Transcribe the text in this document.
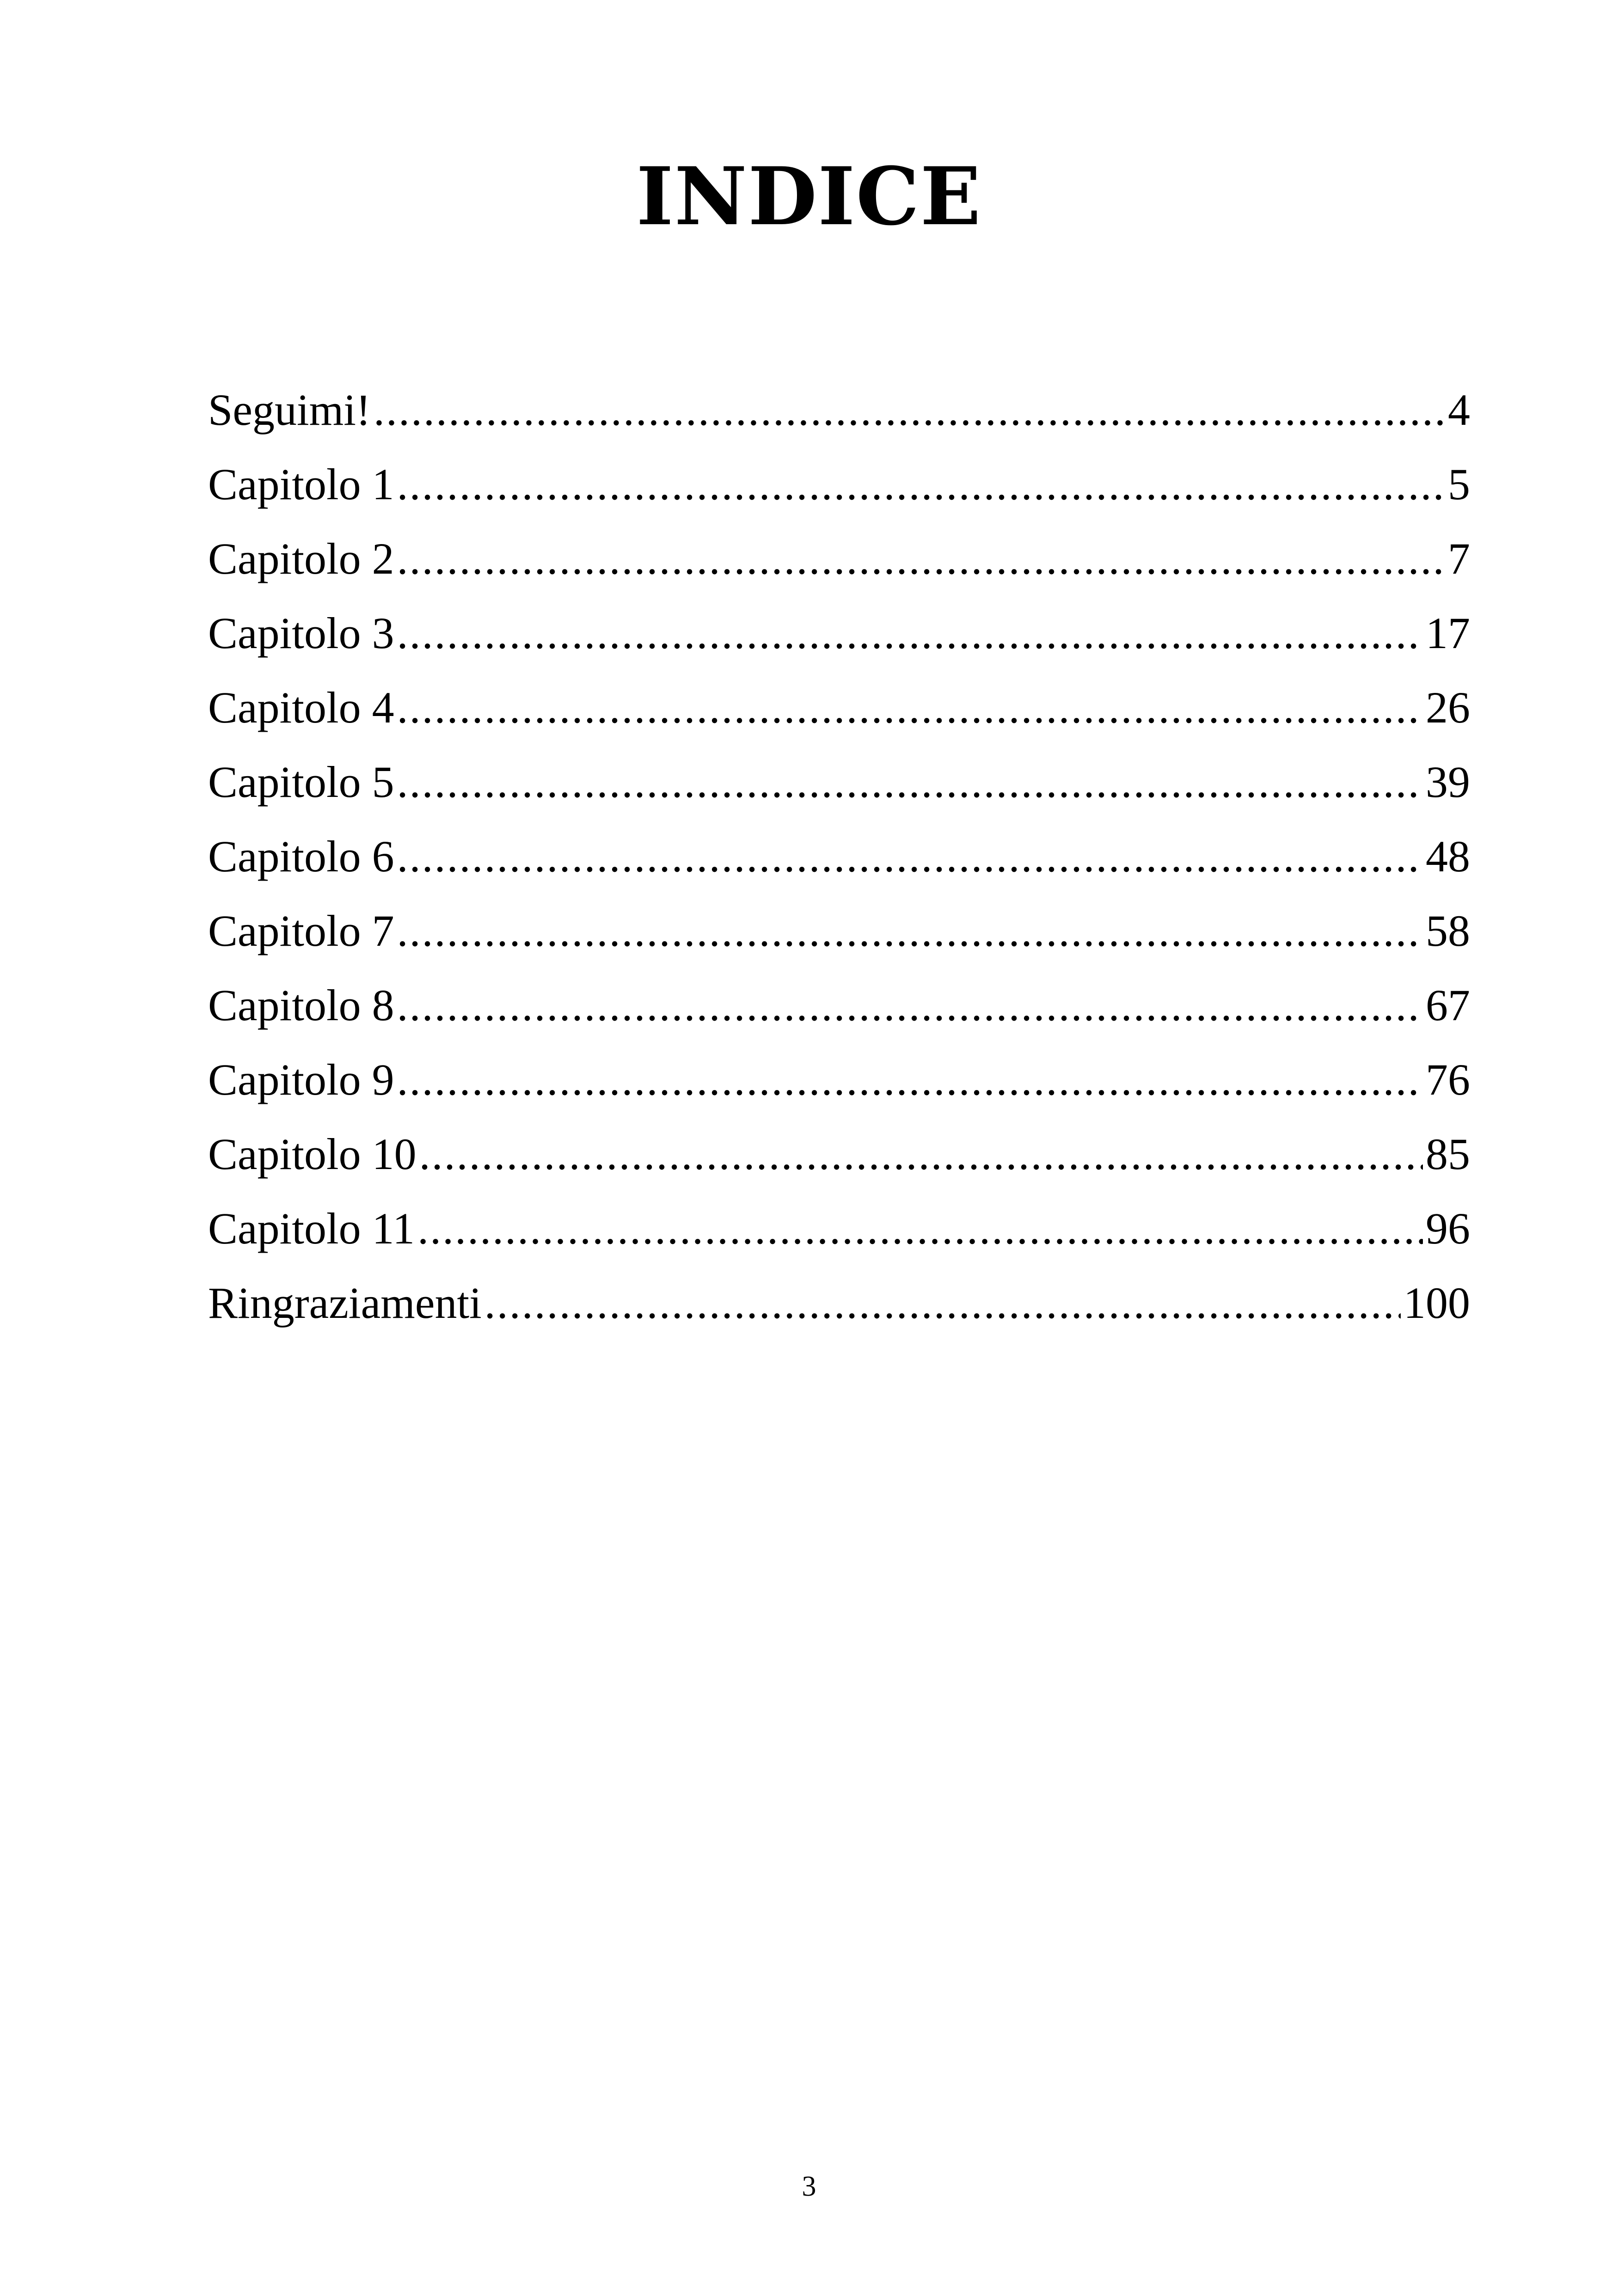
INDICE
Seguimi! .....	4
Capitolo 1 .....	5
Capitolo 2 .....	7
Capitolo 3 .....	17
Capitolo 4 .....	26
Capitolo 5 .....	39
Capitolo 6 .....	48
Capitolo 7 .....	58
Capitolo 8 .....	67
Capitolo 9 .....	76
Capitolo 10 .....	85
Capitolo 11 .....	96
Ringraziamenti .....	100
3
